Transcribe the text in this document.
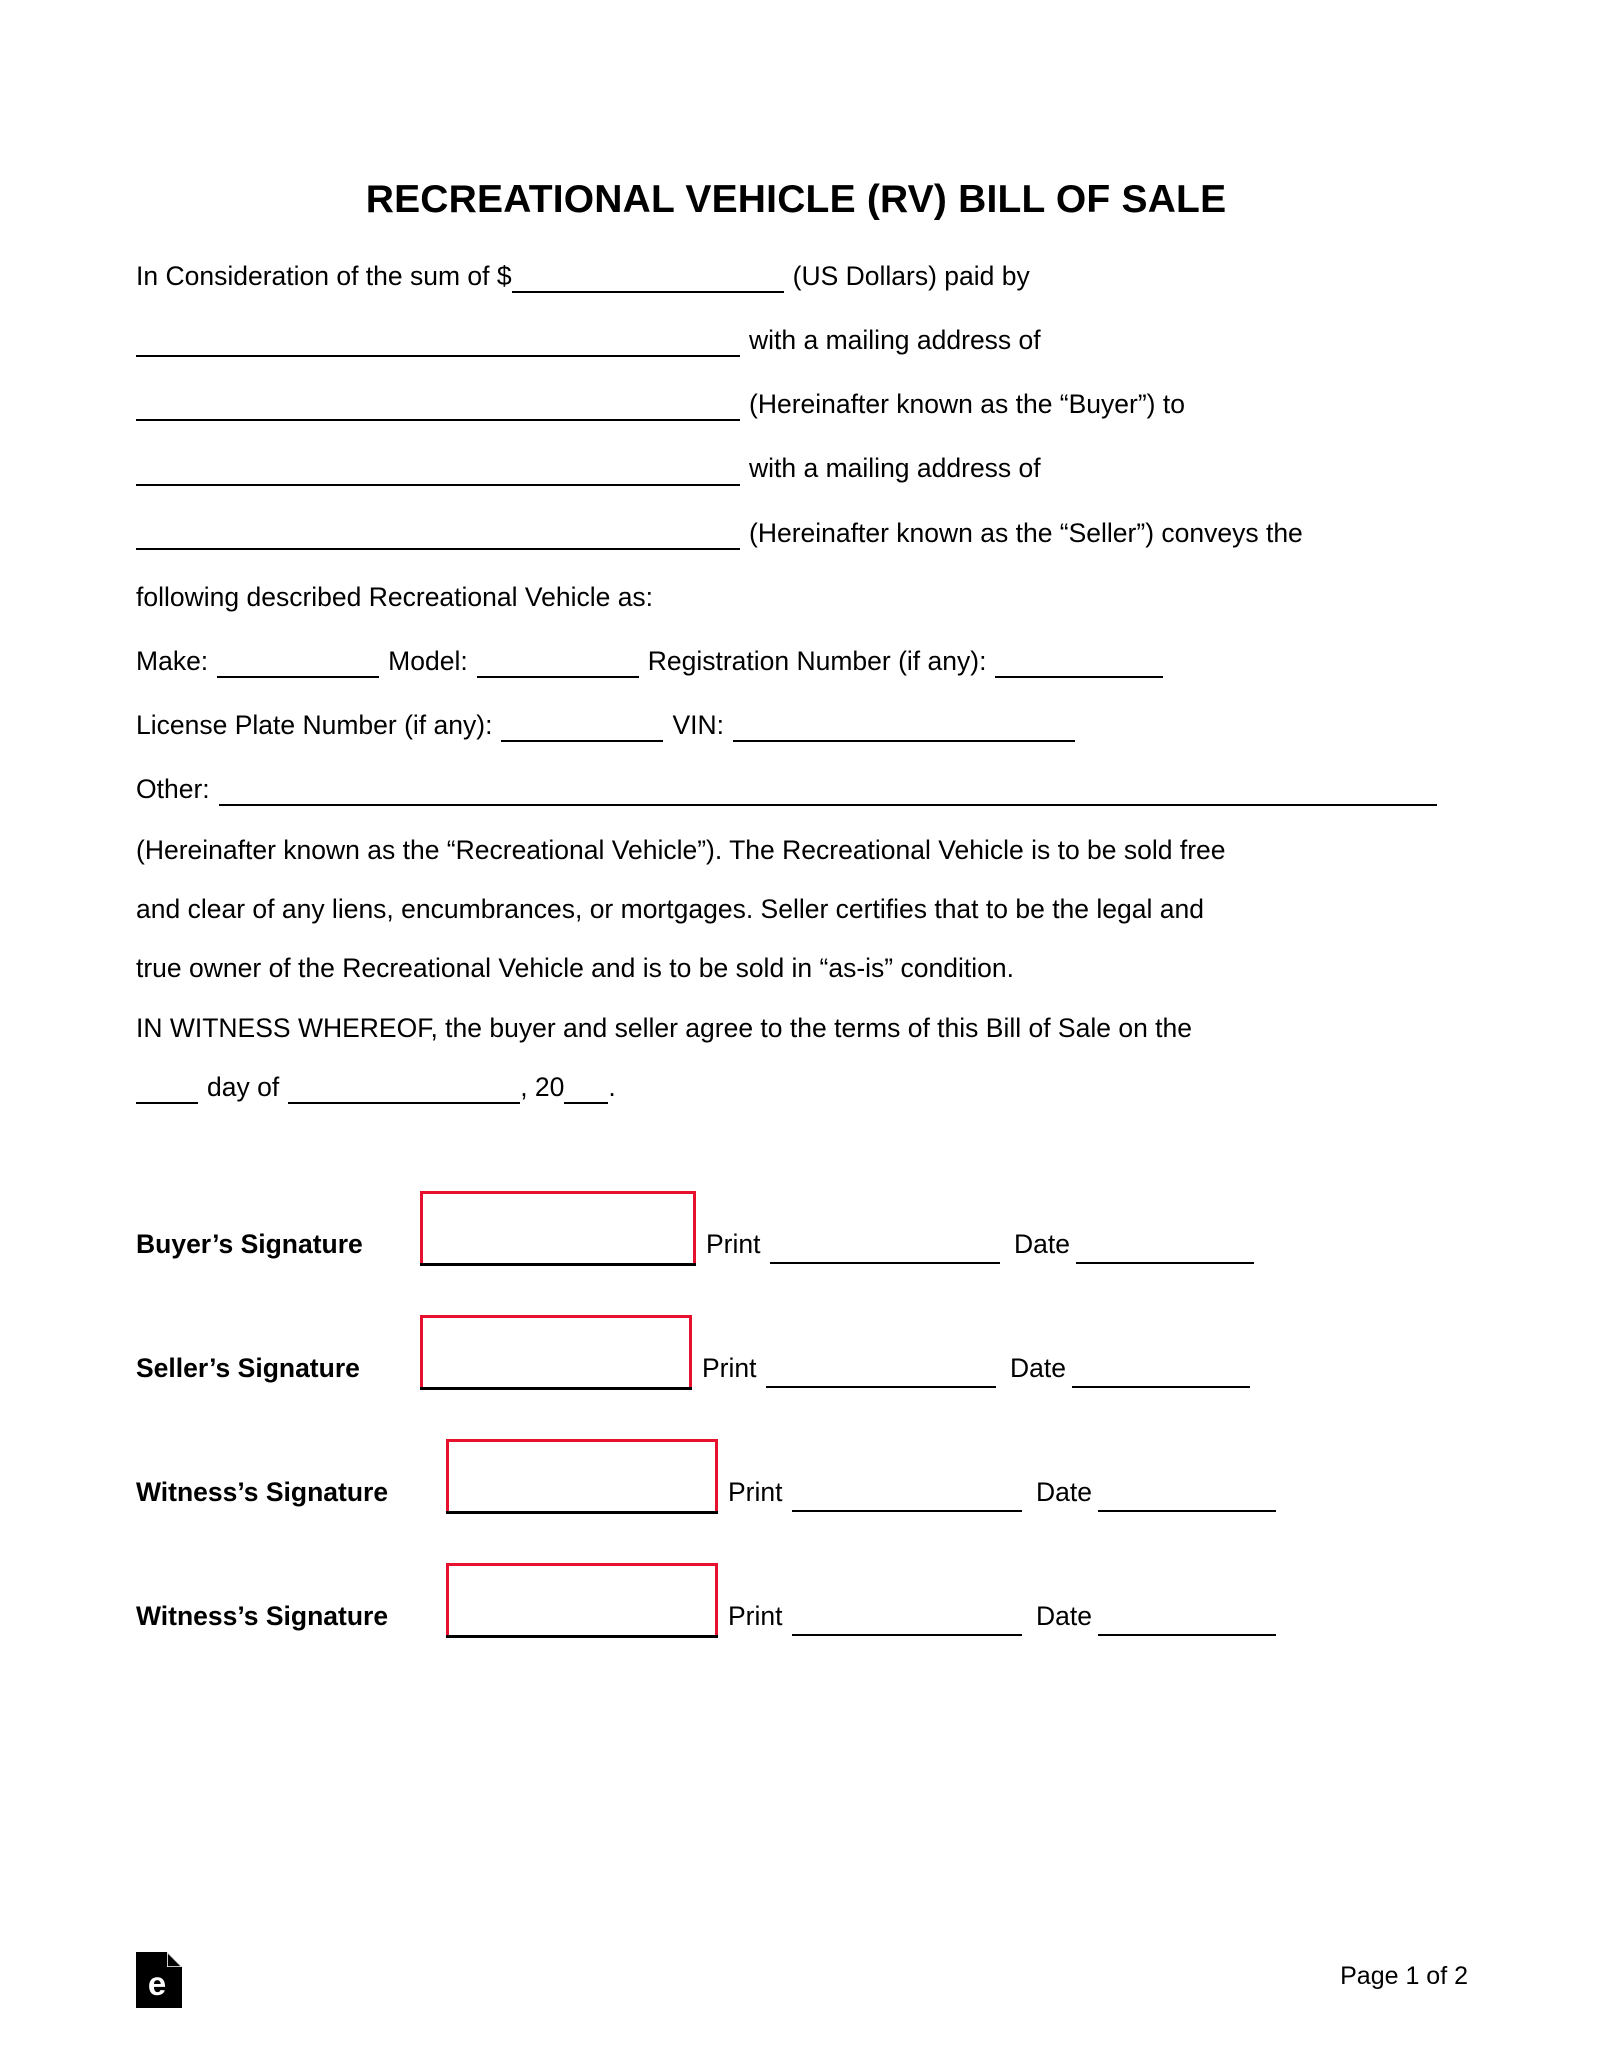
RECREATIONAL VEHICLE (RV) BILL OF SALE
In Consideration of the sum of $	(US Dollars) paid by
with a mailing address of
(Hereinafter known as the “Buyer”) to
with a mailing address of
(Hereinafter known as the “Seller”) conveys the
following described Recreational Vehicle as:
Make:	Model:	Registration Number (if any):
License Plate Number (if any):	VIN:
Other:
(Hereinafter known as the “Recreational Vehicle”). The Recreational Vehicle is to be sold free
and clear of any liens, encumbrances, or mortgages. Seller certifies that to be the legal and
true owner of the Recreational Vehicle and is to be sold in “as-is” condition.
IN WITNESS WHEREOF, the buyer and seller agree to the terms of this Bill of Sale on the
day of	, 20 .
Buyer’s Signature	Print	Date
Seller’s Signature	Print	Date
Witness’s Signature	Print	Date
Witness’s Signature	Print	Date
e	Page 1 of 2
